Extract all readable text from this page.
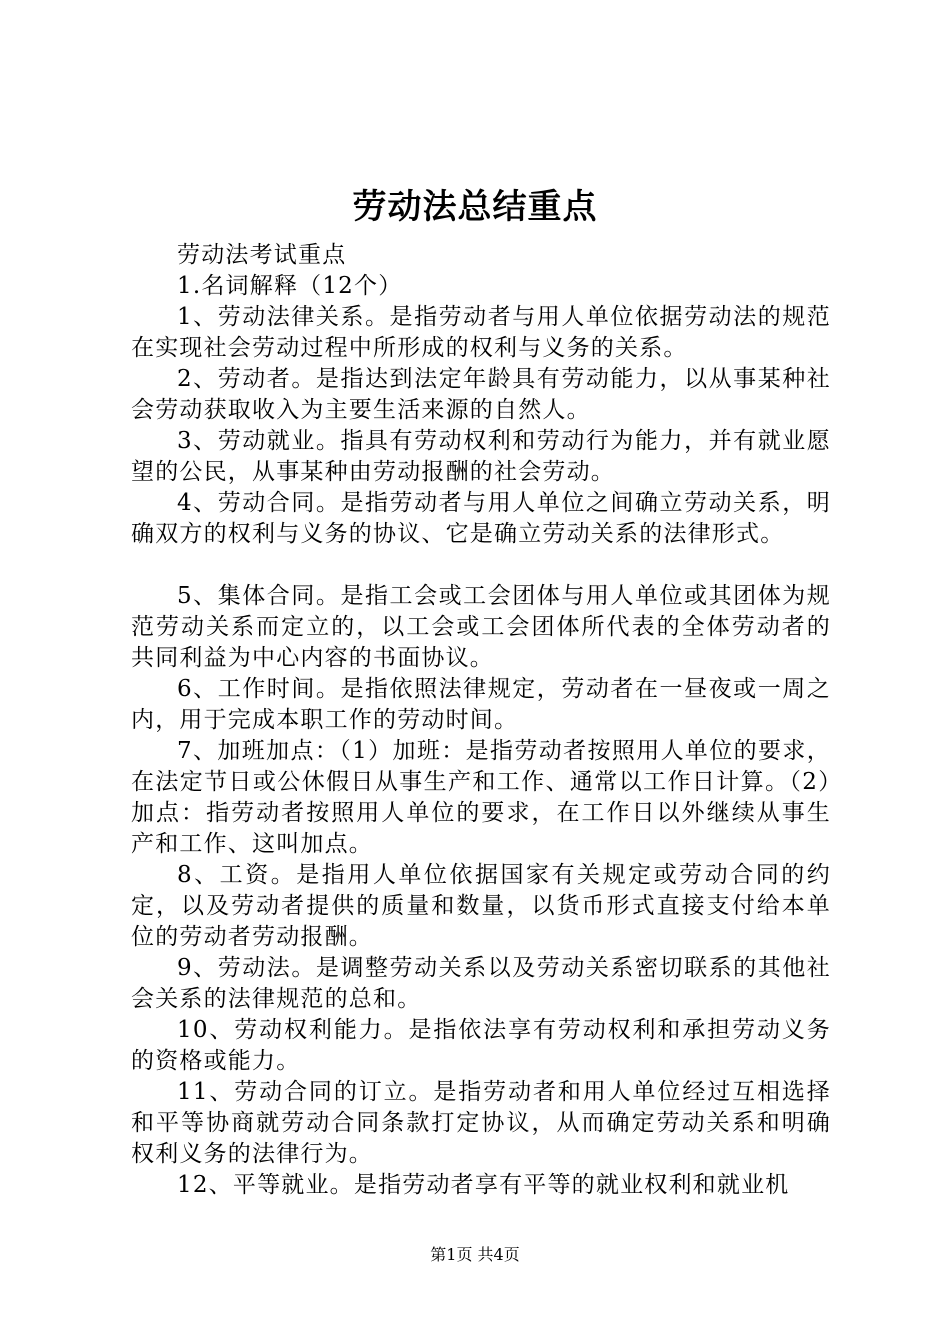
劳动法总结重点

劳动法考试重点

1.名词解释（12个）

1、劳动法律关系。是指劳动者与用人单位依据劳动法的规范在实现社会劳动过程中所形成的权利与义务的关系。

2、劳动者。是指达到法定年龄具有劳动能力，以从事某种社会劳动获取收入为主要生活来源的自然人。

3、劳动就业。指具有劳动权利和劳动行为能力，并有就业愿望的公民，从事某种由劳动报酬的社会劳动。

4、劳动合同。是指劳动者与用人单位之间确立劳动关系，明确双方的权利与义务的协议、它是确立劳动关系的法律形式。

5、集体合同。是指工会或工会团体与用人单位或其团体为规范劳动关系而定立的，以工会或工会团体所代表的全体劳动者的共同利益为中心内容的书面协议。

6、工作时间。是指依照法律规定，劳动者在一昼夜或一周之内，用于完成本职工作的劳动时间。

7、加班加点：（1）加班：是指劳动者按照用人单位的要求，在法定节日或公休假日从事生产和工作、通常以工作日计算。（2）加点：指劳动者按照用人单位的要求，在工作日以外继续从事生产和工作、这叫加点。

8、工资。是指用人单位依据国家有关规定或劳动合同的约定，以及劳动者提供的质量和数量，以货币形式直接支付给本单位的劳动者劳动报酬。

9、劳动法。是调整劳动关系以及劳动关系密切联系的其他社会关系的法律规范的总和。

10、劳动权利能力。是指依法享有劳动权利和承担劳动义务的资格或能力。

11、劳动合同的订立。是指劳动者和用人单位经过互相选择和平等协商就劳动合同条款打定协议，从而确定劳动关系和明确权利义务的法律行为。

12、平等就业。是指劳动者享有平等的就业权利和就业机

第1页 共4页
